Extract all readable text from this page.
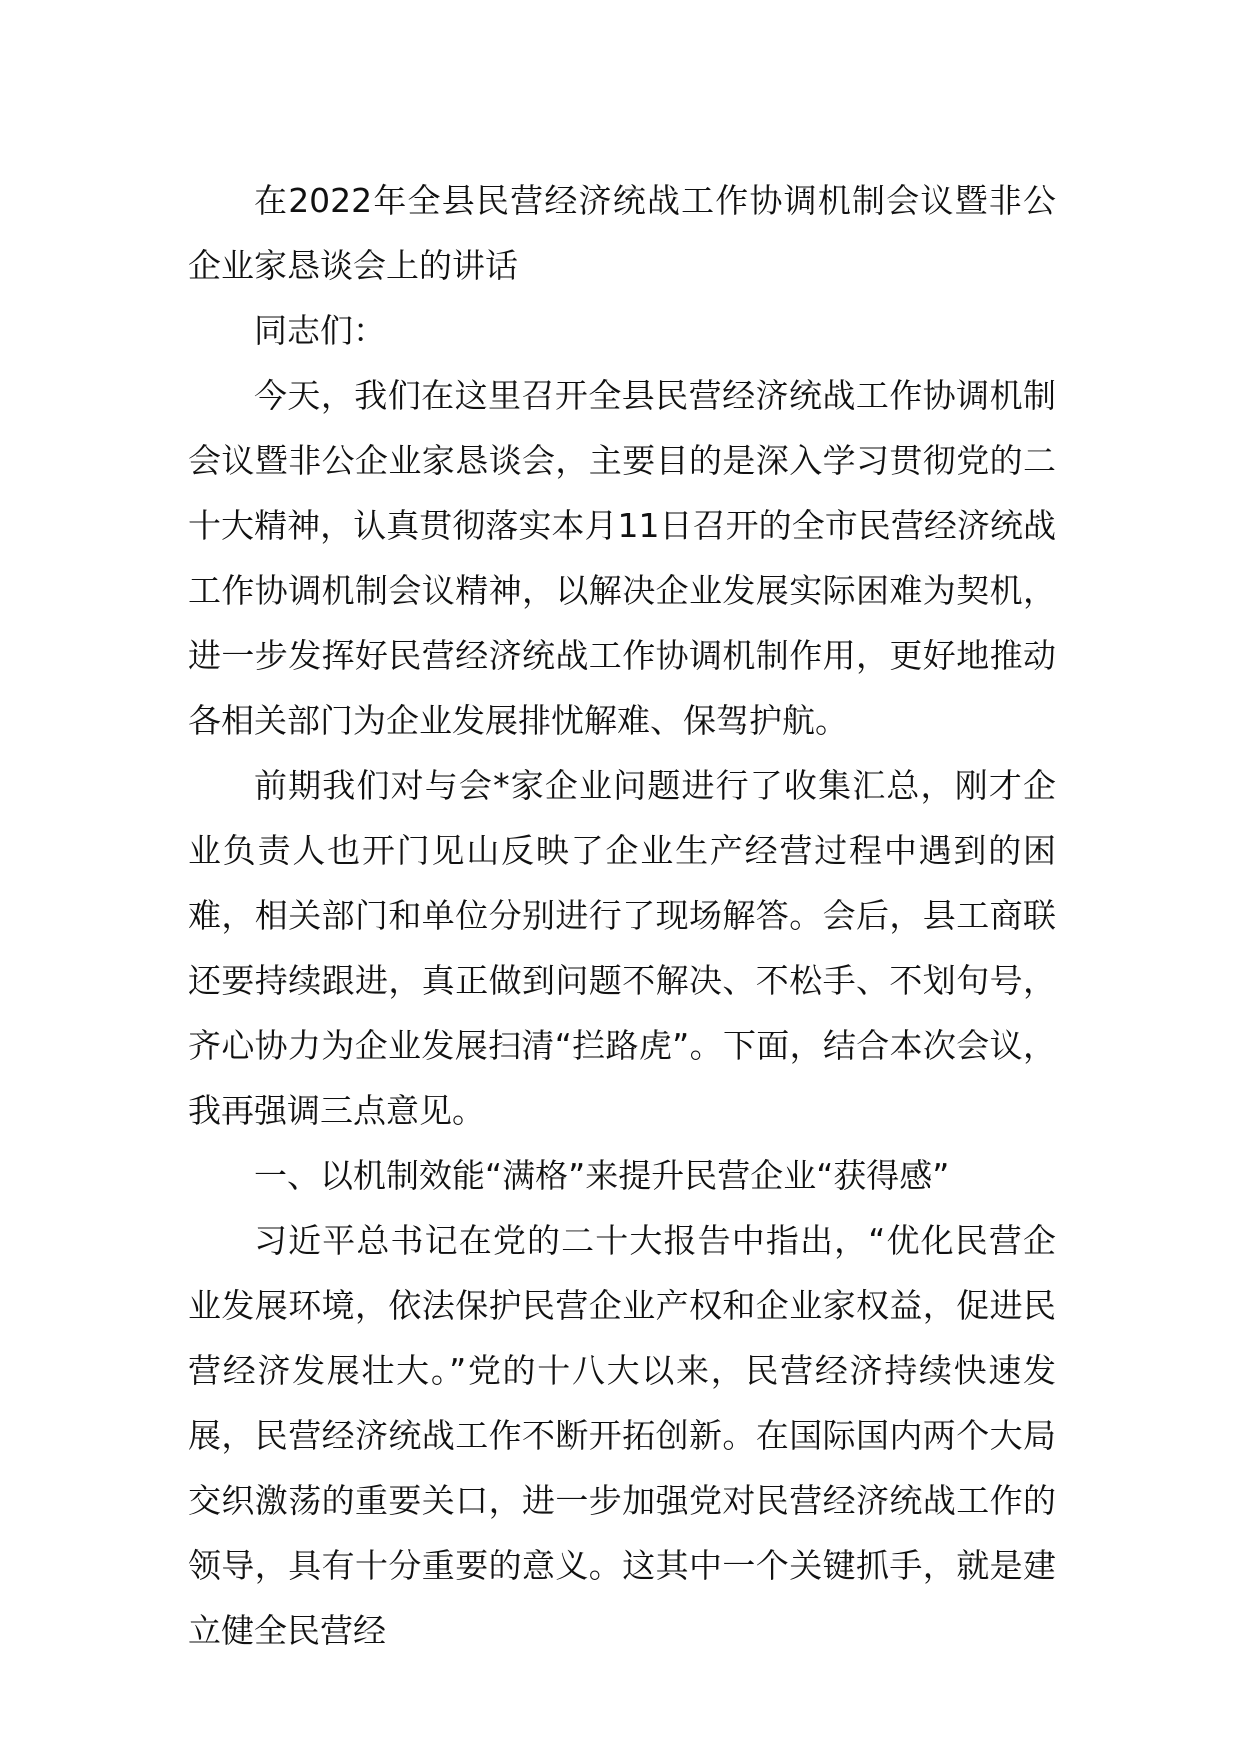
在2022年全县民营经济统战工作协调机制会议暨非公企业家恳谈会上的讲话

同志们：

今天，我们在这里召开全县民营经济统战工作协调机制会议暨非公企业家恳谈会，主要目的是深入学习贯彻党的二十大精神，认真贯彻落实本月11日召开的全市民营经济统战工作协调机制会议精神，以解决企业发展实际困难为契机，进一步发挥好民营经济统战工作协调机制作用，更好地推动各相关部门为企业发展排忧解难、保驾护航。

前期我们对与会*家企业问题进行了收集汇总，刚才企业负责人也开门见山反映了企业生产经营过程中遇到的困难，相关部门和单位分别进行了现场解答。会后，县工商联还要持续跟进，真正做到问题不解决、不松手、不划句号，齐心协力为企业发展扫清“拦路虎”。下面，结合本次会议，我再强调三点意见。

一、以机制效能“满格”来提升民营企业“获得感”

习近平总书记在党的二十大报告中指出，“优化民营企业发展环境，依法保护民营企业产权和企业家权益，促进民营经济发展壮大。”党的十八大以来，民营经济持续快速发展，民营经济统战工作不断开拓创新。在国际国内两个大局交织激荡的重要关口，进一步加强党对民营经济统战工作的领导，具有十分重要的意义。这其中一个关键抓手，就是建立健全民营经
